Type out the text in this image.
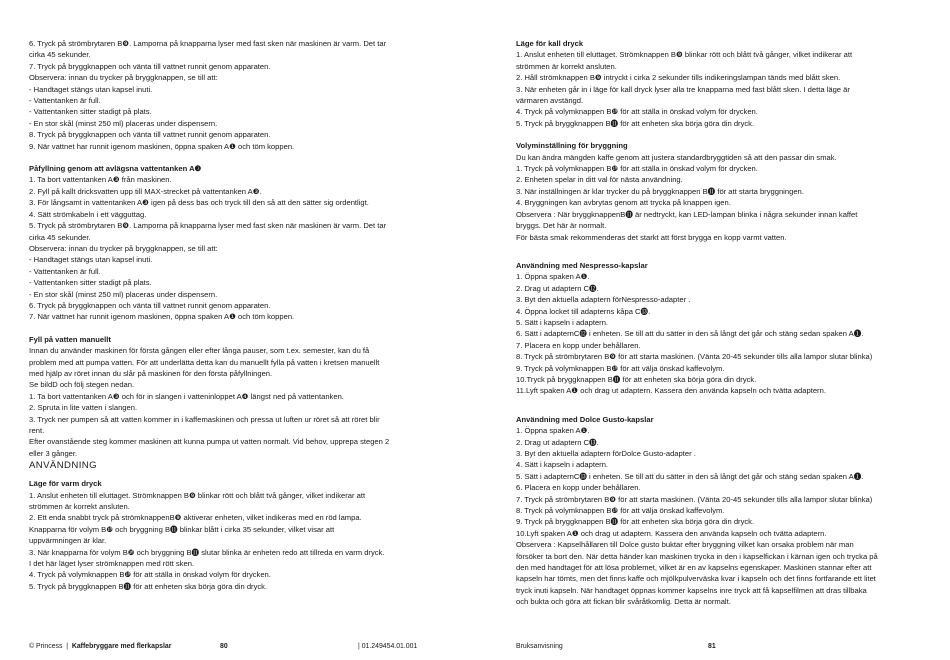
6. Tryck på strömbrytaren B❾. Lamporna på knapparna lyser med fast sken när maskinen är varm. Det tar
cirka 45 sekunder.
7. Tryck på bryggknappen och vänta till vattnet runnit genom apparaten.
Observera: innan du trycker på bryggknappen, se till att:
- Handtaget stängs utan kapsel inuti.
- Vattentanken är full.
- Vattentanken sitter stadigt på plats.
- En stor skål (minst 250 ml) placeras under dispensern.
8. Tryck på bryggknappen och vänta till vattnet runnit genom apparaten.
9. När vattnet har runnit igenom maskinen, öppna spaken A❶ och töm koppen.
Påfyllning genom att avlägsna vattentanken A❸
1. Ta bort vattentanken A❸ från maskinen.
2. Fyll på kallt dricksvatten upp till MAX-strecket på vattentanken A❸.
3. För långsamt in vattentanken A❸ igen på dess bas och tryck till den så att den sätter sig ordentligt.
4. Sätt strömkabeln i ett vägguttag.
5. Tryck på strömbrytaren B❾. Lamporna på knapparna lyser med fast sken när maskinen är varm. Det tar
cirka 45 sekunder.
Observera: innan du trycker på bryggknappen, se till att:
- Handtaget stängs utan kapsel inuti.
- Vattentanken är full.
- Vattentanken sitter stadigt på plats.
- En stor skål (minst 250 ml) placeras under dispensern.
6. Tryck på bryggknappen och vänta till vattnet runnit genom apparaten.
7. När vattnet har runnit igenom maskinen, öppna spaken A❶ och töm koppen.
Fyll på vatten manuellt
Innan du använder maskinen för första gången eller efter långa pauser, som t.ex. semester, kan du få
problem med att pumpa vatten. För att underlätta detta kan du manuellt fylla på vatten i kretsen manuellt
med hjälp av röret innan du slår på maskinen för den första påfyllningen.
Se bildD och följ stegen nedan.
1. Ta bort vattentanken A❸ och för in slangen i vatteninloppet A❹ längst ned på vattentanken.
2. Spruta in lite vatten i slangen.
3. Tryck ner pumpen så att vatten kommer in i kaffemaskinen och pressa ut luften ur röret så att röret blir
rent.
Efter ovanstående steg kommer maskinen att kunna pumpa ut vatten normalt. Vid behov, upprepa stegen 2
eller 3 gånger.
ANVÄNDNING
Läge för varm dryck
1. Anslut enheten till eluttaget. Strömknappen B❾ blinkar rött och blått två gånger, vilket indikerar att
strömmen är korrekt ansluten.
2. Ett enda snabbt tryck på strömknappenB❾ aktiverar enheten, vilket indikeras med en röd lampa.
Knapparna för volym B❿ och bryggning B⓫ blinkar blått i cirka 35 sekunder, vilket visar att
uppvärmningen är klar.
3. När knapparna för volym B❿ och bryggning B⓫ slutar blinka är enheten redo att tillreda en varm dryck.
I det här läget lyser strömknappen med rött sken.
4. Tryck på volymknappen B❿ för att ställa in önskad volym för drycken.
5. Tryck på bryggknappen B⓫ för att enheten ska börja göra din dryck.
Läge för kall dryck
1. Anslut enheten till eluttaget. Strömknappen B❾ blinkar rött och blått två gånger, vilket indikerar att
strömmen är korrekt ansluten.
2. Håll strömknappen B❾ intryckt i cirka 2 sekunder tills indikeringslampan tänds med blått sken.
3. När enheten går in i läge för kall dryck lyser alla tre knapparna med fast blått sken. I detta läge är
värmaren avstängd.
4. Tryck på volymknappen B❿ för att ställa in önskad volym för drycken.
5. Tryck på bryggknappen B⓫ för att enheten ska börja göra din dryck.
Volyminställning för bryggning
Du kan ändra mängden kaffe genom att justera standardbryggtiden så att den passar din smak.
1. Tryck på volymknappen B❿ för att ställa in önskad volym för drycken.
2. Enheten spelar in ditt val för nästa användning.
3. När inställningen är klar trycker du på bryggknappen B⓫ för att starta bryggningen.
4. Bryggningen kan avbrytas genom att trycka på knappen igen.
Observera : När bryggknappenB⓫ är nedtryckt, kan LED-lampan blinka i några sekunder innan kaffet
bryggs. Det här är normalt.
För bästa smak rekommenderas det starkt att först brygga en kopp varmt vatten.
Användning med Nespresso-kapslar
1. Öppna spaken A❶.
2. Drag ut adaptern C⓬.
3. Byt den aktuella adaptern förNespresso-adapter .
4. Öppna locket till adapterns kåpa C⓭.
5. Sätt i kapseln i adaptern.
6. Sätt i adapternC⓬ i enheten. Se till att du sätter in den så långt det går och stäng sedan spaken A❶.
7. Placera en kopp under behållaren.
8. Tryck på strömbrytaren B❾ för att starta maskinen. (Vänta 20-45 sekunder tills alla lampor slutar blinka)
9. Tryck på volymknappen B❿ för att välja önskad kaffevolym.
10.Tryck på bryggknappen B⓫ för att enheten ska börja göra din dryck.
11.Lyft spaken A❶ och drag ut adaptern. Kassera den använda kapseln och tvätta adaptern.
Användning med Dolce Gusto-kapslar
1. Öppna spaken A❶.
2. Drag ut adaptern C⓭.
3. Byt den aktuella adaptern förDolce Gusto-adapter .
4. Sätt i kapseln i adaptern.
5. Sätt i adapternC⓭ i enheten. Se till att du sätter in den så långt det går och stäng sedan spaken A❶.
6. Placera en kopp under behållaren.
7. Tryck på strömbrytaren B❾ för att starta maskinen. (Vänta 20-45 sekunder tills alla lampor slutar blinka)
8. Tryck på volymknappen B❿ för att välja önskad kaffevolym.
9. Tryck på bryggknappen B⓫ för att enheten ska börja göra din dryck.
10.Lyft spaken A❶ och drag ut adaptern. Kassera den använda kapseln och tvätta adaptern.
Observera : Kapselhållaren till Dolce gusto buktar efter bryggning vilket kan orsaka problem när man
försöker ta bort den. När detta händer kan maskinen trycka in den i kapselfickan i kärnan igen och trycka på
den med handtaget för att lösa problemet, vilket är en av kapselns egenskaper. Maskinen stannar efter att
kapseln har tömts, men det finns kaffe och mjölkpulverväska kvar i kapseln och det finns fortfarande ett litet
tryck inuti kapseln. När handtaget öppnas kommer kapselns inre tryck att få kapselfilmen att dras tillbaka
och bukta och göra att fickan blir svåråtkomlig. Detta är normalt.
© Princess  |  Kaffebryggare med flerkapslar	80	| 01.249454.01.001	Bruksanvisning	81
